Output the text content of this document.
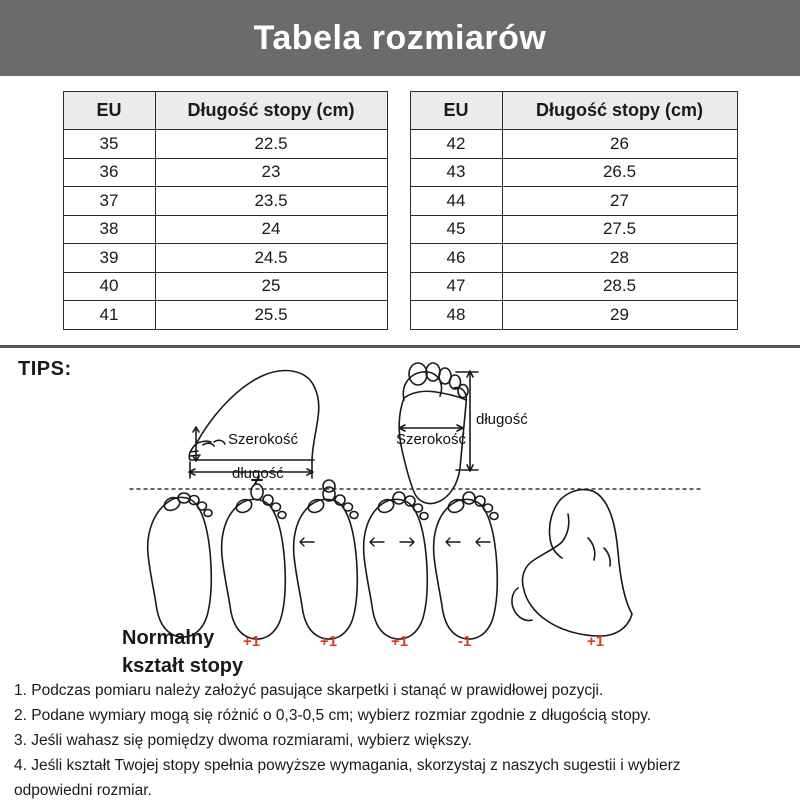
Tabela rozmiarów
EU	Długość stopy (cm)
35	22.5
36	23
37	23.5
38	24
39	24.5
40	25
41	25.5
EU	Długość stopy (cm)
42	26
43	26.5
44	27
45	27.5
46	28
47	28.5
48	29
TIPS:
Szerokość
długość
Szerokość
długość
Normalny
kształt stopy
+1	+1	+1	-1	+1

1. Podczas pomiaru należy założyć pasujące skarpetki i stanąć w prawidłowej pozycji.

2. Podane wymiary mogą się różnić o 0,3-0,5 cm; wybierz rozmiar zgodnie z długością stopy.

3. Jeśli wahasz się pomiędzy dwoma rozmiarami, wybierz większy.

4. Jeśli kształt Twojej stopy spełnia powyższe wymagania, skorzystaj z naszych sugestii i wybierz

odpowiedni rozmiar.
